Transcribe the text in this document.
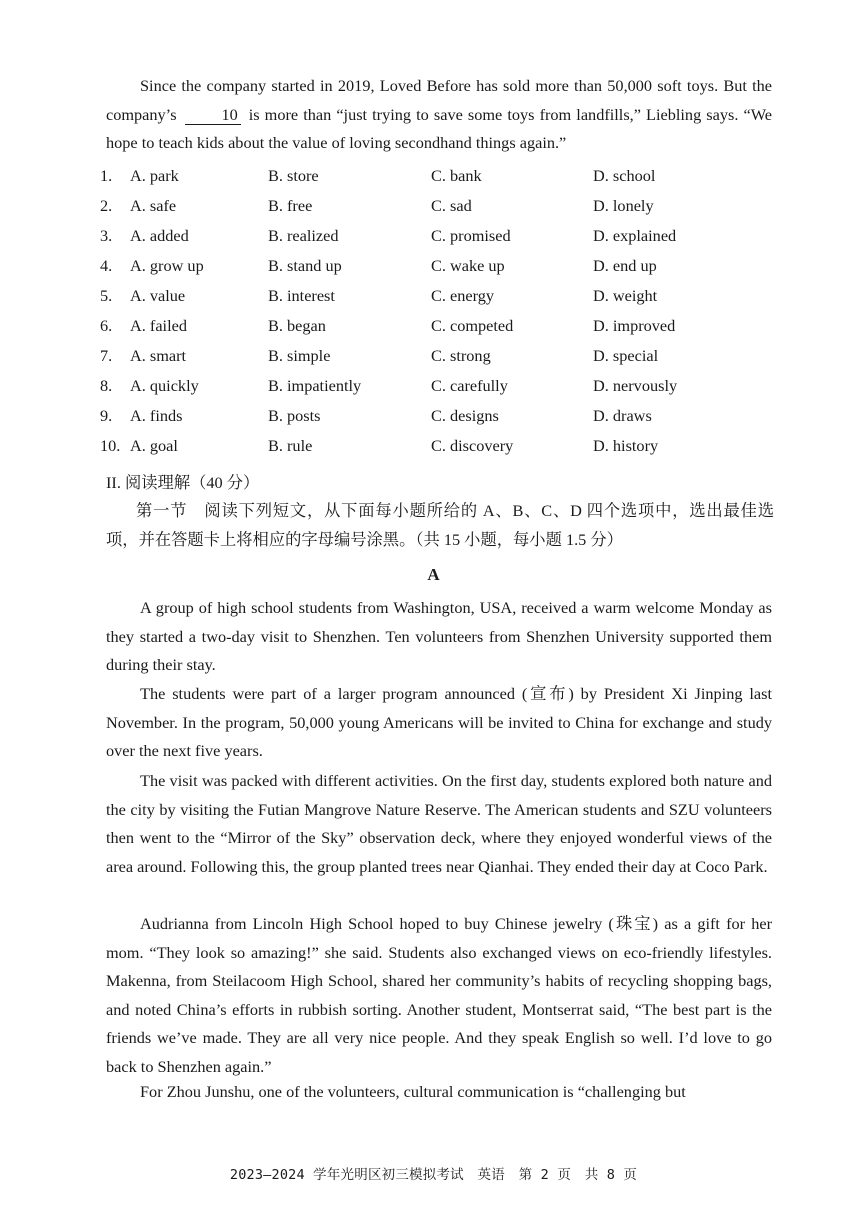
Since the company started in 2019, Loved Before has sold more than 50,000 soft toys. But the company’s	10 is more than “just trying to save some toys from landfills,” Liebling says. “We hope to teach kids about the value of loving secondhand things again.”

1. A. park	B. store	C. bank	D. school
2. A. safe	B. free	C. sad	D. lonely
3. A. added	B. realized	C. promised	D. explained
4. A. grow up	B. stand up	C. wake up	D. end up
5. A. value	B. interest	C. energy	D. weight
6. A. failed	B. began	C. competed	D. improved
7. A. smart	B. simple	C. strong	D. special
8. A. quickly	B. impatiently	C. carefully	D. nervously
9. A. finds	B. posts	C. designs	D. draws
10. A. goal	B. rule	C. discovery	D. history
II. 阅读理解（40 分）

第一节　阅读下列短文，从下面每小题所给的 A、B、C、D 四个选项中，选出最佳选项，并在答题卡上将相应的字母编号涂黑。（共 15 小题，每小题 1.5 分）

A

A group of high school students from Washington, USA, received a warm welcome Monday as they started a two-day visit to Shenzhen. Ten volunteers from Shenzhen University supported them during their stay.

The students were part of a larger program announced (宣布) by President Xi Jinping last November. In the program, 50,000 young Americans will be invited to China for exchange and study over the next five years.

The visit was packed with different activities. On the first day, students explored both nature and the city by visiting the Futian Mangrove Nature Reserve. The American students and SZU volunteers then went to the “Mirror of the Sky” observation deck, where they enjoyed wonderful views of the area around. Following this, the group planted trees near Qianhai. They ended their day at Coco Park.

Audrianna from Lincoln High School hoped to buy Chinese jewelry (珠宝) as a gift for her mom. “They look so amazing!” she said. Students also exchanged views on eco-friendly lifestyles. Makenna, from Steilacoom High School, shared her community’s habits of recycling shopping bags, and noted China’s efforts in rubbish sorting. Another student, Montserrat said, “The best part is the friends we’ve made. They are all very nice people. And they speak English so well. I’d love to go back to Shenzhen again.”

For Zhou Junshu, one of the volunteers, cultural communication is “challenging but

2023—2024 学年光明区初三模拟考试　英语　第 2 页　共 8 页
